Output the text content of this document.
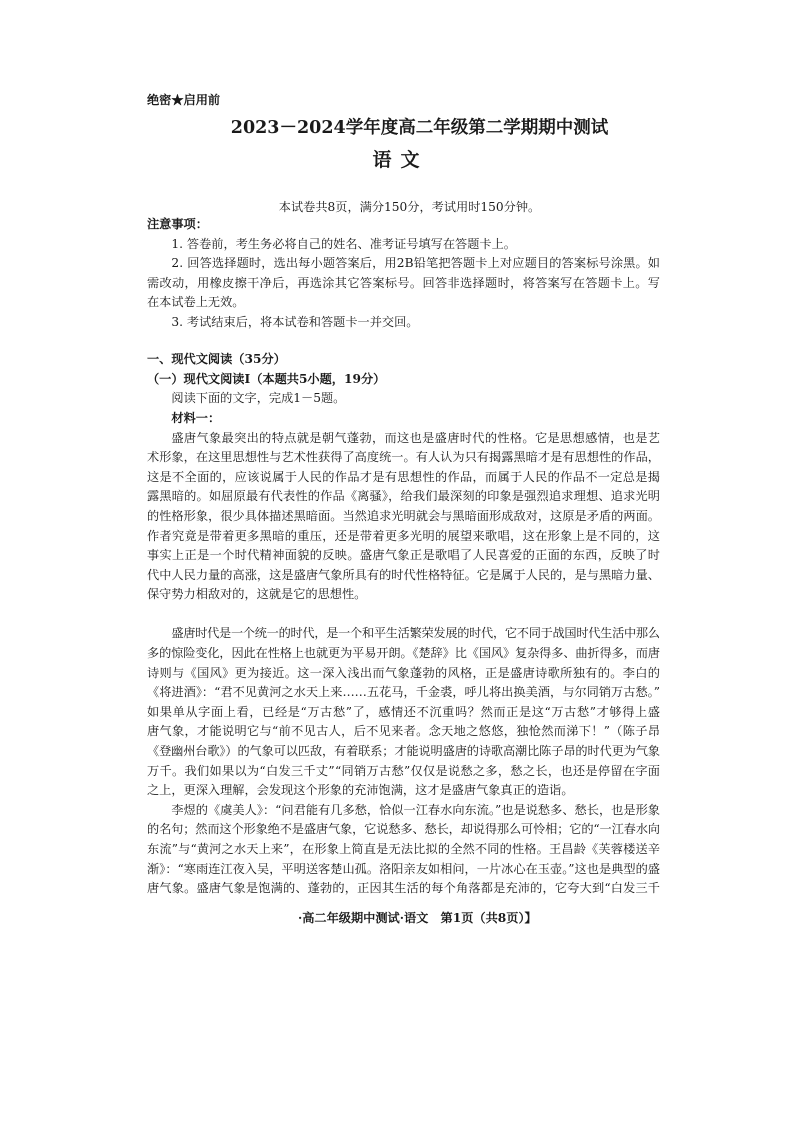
绝密★启用前
2023－2024学年度高二年级第二学期期中测试
语文
本试卷共8页，满分150分，考试用时150分钟。
注意事项：
1. 答卷前，考生务必将自己的姓名、准考证号填写在答题卡上。
2. 回答选择题时，选出每小题答案后，用2B铅笔把答题卡上对应题目的答案标号涂黑。如
需改动，用橡皮擦干净后，再选涂其它答案标号。回答非选择题时，将答案写在答题卡上。写
在本试卷上无效。
3. 考试结束后，将本试卷和答题卡一并交回。
一、现代文阅读（35分）
（一）现代文阅读Ⅰ（本题共5小题，19分）
阅读下面的文字，完成1－5题。
材料一：
盛唐气象最突出的特点就是朝气蓬勃，而这也是盛唐时代的性格。它是思想感情，也是艺
术形象，在这里思想性与艺术性获得了高度统一。有人认为只有揭露黑暗才是有思想性的作品，
这是不全面的，应该说属于人民的作品才是有思想性的作品，而属于人民的作品不一定总是揭
露黑暗的。如屈原最有代表性的作品《离骚》，给我们最深刻的印象是强烈追求理想、追求光明
的性格形象，很少具体描述黑暗面。当然追求光明就会与黑暗面形成敌对，这原是矛盾的两面。
作者究竟是带着更多黑暗的重压，还是带着更多光明的展望来歌唱，这在形象上是不同的，这
事实上正是一个时代精神面貌的反映。盛唐气象正是歌唱了人民喜爱的正面的东西，反映了时
代中人民力量的高涨，这是盛唐气象所具有的时代性格特征。它是属于人民的，是与黑暗力量、
保守势力相敌对的，这就是它的思想性。
盛唐时代是一个统一的时代，是一个和平生活繁荣发展的时代，它不同于战国时代生活中那么
多的惊险变化，因此在性格上也就更为平易开朗。《楚辞》比《国风》复杂得多、曲折得多，而唐
诗则与《国风》更为接近。这一深入浅出而气象蓬勃的风格，正是盛唐诗歌所独有的。李白的
《将进酒》：“君不见黄河之水天上来……五花马，千金裘，呼儿将出换美酒，与尔同销万古愁。”
如果单从字面上看，已经是“万古愁”了，感情还不沉重吗？然而正是这“万古愁”才够得上盛
唐气象，才能说明它与“前不见古人，后不见来者。念天地之悠悠，独怆然而涕下！”（陈子昂
《登幽州台歌》）的气象可以匹敌，有着联系；才能说明盛唐的诗歌高潮比陈子昂的时代更为气象
万千。我们如果以为“白发三千丈”“同销万古愁”仅仅是说愁之多，愁之长，也还是停留在字面
之上，更深入理解，会发现这个形象的充沛饱满，这才是盛唐气象真正的造诣。
李煜的《虞美人》：“问君能有几多愁，恰似一江春水向东流。”也是说愁多、愁长，也是形象
的名句；然而这个形象绝不是盛唐气象，它说愁多、愁长，却说得那么可怜相；它的“一江春水向
东流”与“黄河之水天上来”，在形象上简直是无法比拟的全然不同的性格。王昌龄《芙蓉楼送辛
渐》：“寒雨连江夜入吴，平明送客楚山孤。洛阳亲友如相问，一片冰心在玉壶。”这也是典型的盛
唐气象。盛唐气象是饱满的、蓬勃的，正因其生活的每个角落都是充沛的，它夸大到“白发三千
·高二年级期中测试·语文　第1页（共8页）】
